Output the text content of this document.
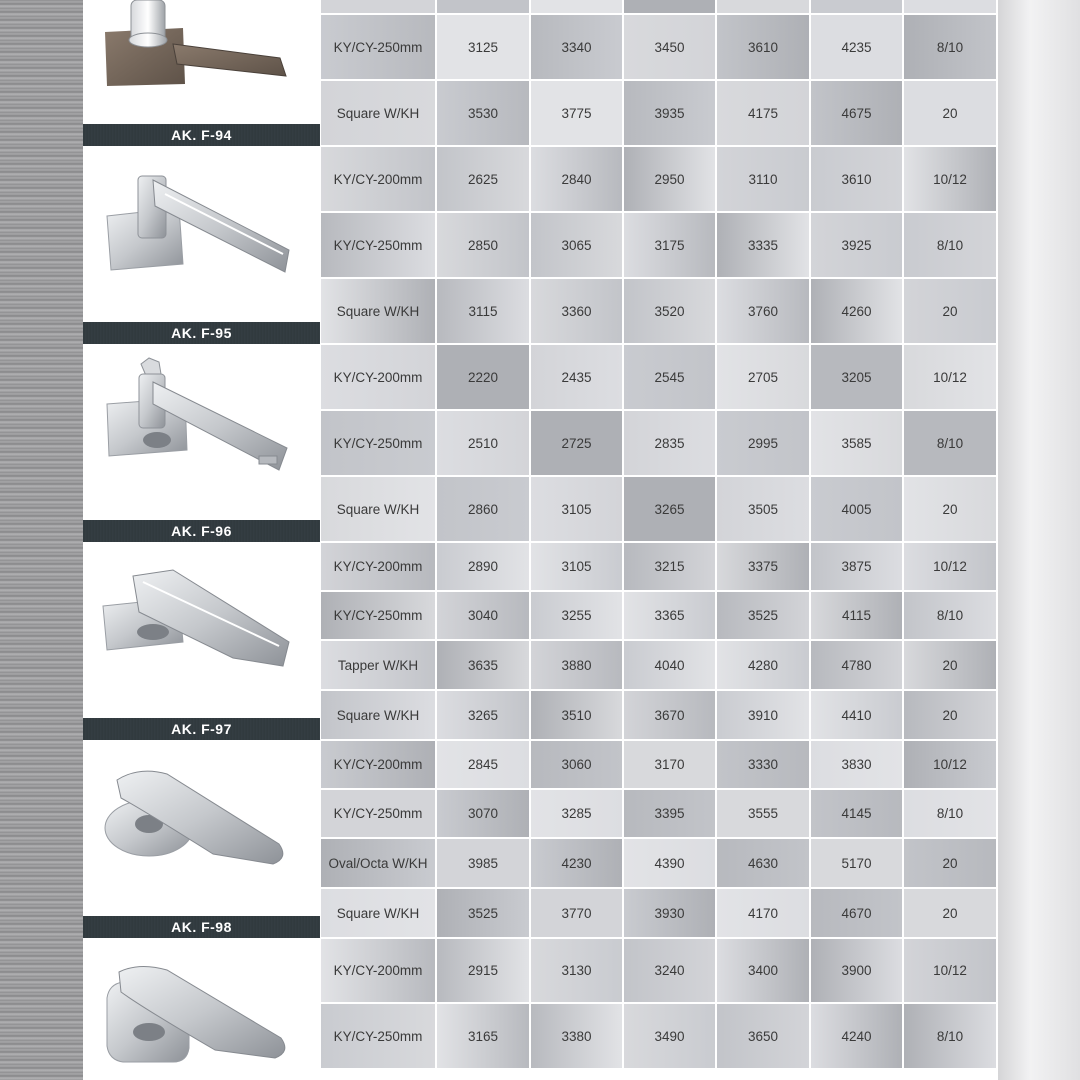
KY/CY-250mm	3125	3340	3450	3610	4235	8/10
Square W/KH	3530	3775	3935	4175	4675	20
KY/CY-200mm	2625	2840	2950	3110	3610	10/12
KY/CY-250mm	2850	3065	3175	3335	3925	8/10
Square W/KH	3115	3360	3520	3760	4260	20
KY/CY-200mm	2220	2435	2545	2705	3205	10/12
KY/CY-250mm	2510	2725	2835	2995	3585	8/10
Square W/KH	2860	3105	3265	3505	4005	20
KY/CY-200mm	2890	3105	3215	3375	3875	10/12
KY/CY-250mm	3040	3255	3365	3525	4115	8/10
Tapper W/KH	3635	3880	4040	4280	4780	20
Square W/KH	3265	3510	3670	3910	4410	20
KY/CY-200mm	2845	3060	3170	3330	3830	10/12
KY/CY-250mm	3070	3285	3395	3555	4145	8/10
Oval/Octa W/KH	3985	4230	4390	4630	5170	20
Square W/KH	3525	3770	3930	4170	4670	20
KY/CY-200mm	2915	3130	3240	3400	3900	10/12
KY/CY-250mm	3165	3380	3490	3650	4240	8/10
AK. F-94
AK. F-95
AK. F-96
AK. F-97
AK. F-98
